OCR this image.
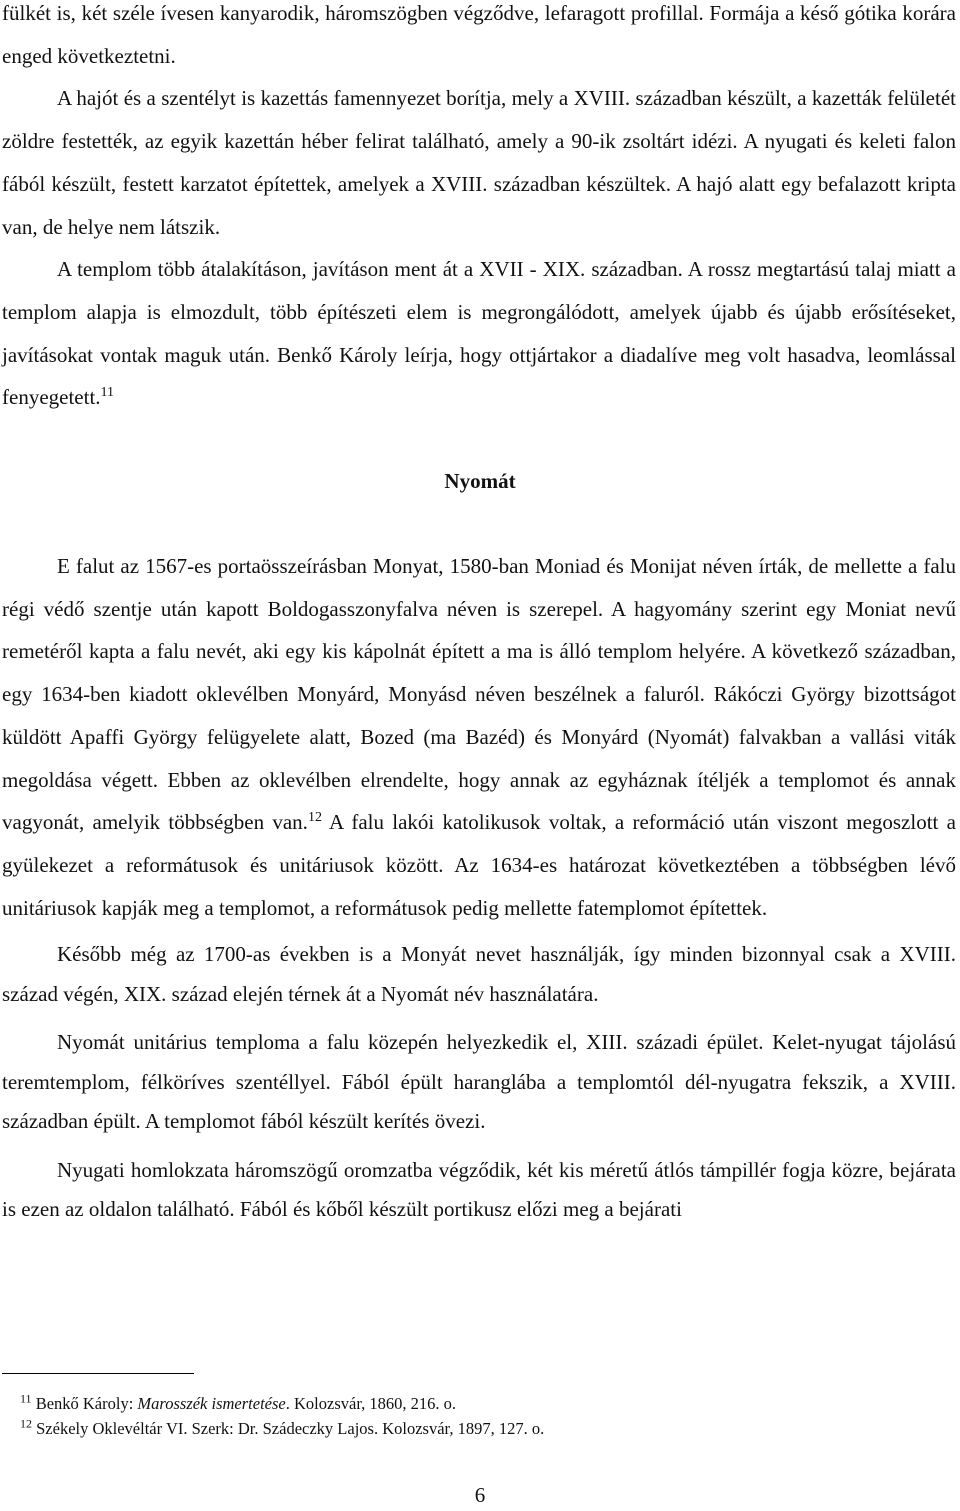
fülkét is, két széle ívesen kanyarodik, háromszögben végződve, lefaragott profillal. Formája a késő gótika korára enged következtetni.

A hajót és a szentélyt is kazettás famennyezet borítja, mely a XVIII. században készült, a kazetták felületét zöldre festették, az egyik kazettán héber felirat található, amely a 90-ik zsoltárt idézi. A nyugati és keleti falon fából készült, festett karzatot építettek, amelyek a XVIII. században készültek. A hajó alatt egy befalazott kripta van, de helye nem látszik.

A templom több átalakításon, javításon ment át a XVII - XIX. században. A rossz megtartású talaj miatt a templom alapja is elmozdult, több építészeti elem is megrongálódott, amelyek újabb és újabb erősítéseket, javításokat vontak maguk után. Benkő Károly leírja, hogy ottjártakor a diadalíve meg volt hasadva, leomlással fenyegetett.$^{11}$

Nyomát

E falut az 1567-es portaösszeírásban Monyat, 1580-ban Moniad és Monijat néven írták, de mellette a falu régi védő szentje után kapott Boldogasszonyfalva néven is szerepel. A hagyomány szerint egy Moniat nevű remetéről kapta a falu nevét, aki egy kis kápolnát épített a ma is álló templom helyére. A következő században, egy 1634-ben kiadott oklevélben Monyárd, Monyásd néven beszélnek a faluról. Rákóczi György bizottságot küldött Apaffi György felügyelete alatt, Bozed (ma Bazéd) és Monyárd (Nyomát) falvakban a vallási viták megoldása végett. Ebben az oklevélben elrendelte, hogy annak az egyháznak ítéljék a templomot és annak vagyonát, amelyik többségben van.$^{12}$ A falu lakói katolikusok voltak, a reformáció után viszont megoszlott a gyülekezet a reformátusok és unitáriusok között. Az 1634-es határozat következtében a többségben lévő unitáriusok kapják meg a templomot, a reformátusok pedig mellette fatemplomot építettek.

Később még az 1700-as években is a Monyát nevet használják, így minden bizonnyal csak a XVIII. század végén, XIX. század elején térnek át a Nyomát név használatára.

Nyomát unitárius temploma a falu közepén helyezkedik el, XIII. századi épület. Kelet-nyugat tájolású teremtemplom, félköríves szentéllyel. Fából épült haranglába a templomtól dél-nyugatra fekszik, a XVIII. században épült. A templomot fából készült kerítés övezi.

Nyugati homlokzata háromszögű oromzatba végződik, két kis méretű átlós támpillér fogja közre, bejárata is ezen az oldalon található. Fából és kőből készült portikusz előzi meg a bejárati

$^{11}$ Benkő Károly: Marosszék ismertetése. Kolozsvár, 1860, 216. o.
$^{12}$ Székely Oklevéltár VI. Szerk: Dr. Szádeczky Lajos. Kolozsvár, 1897, 127. o.
6
